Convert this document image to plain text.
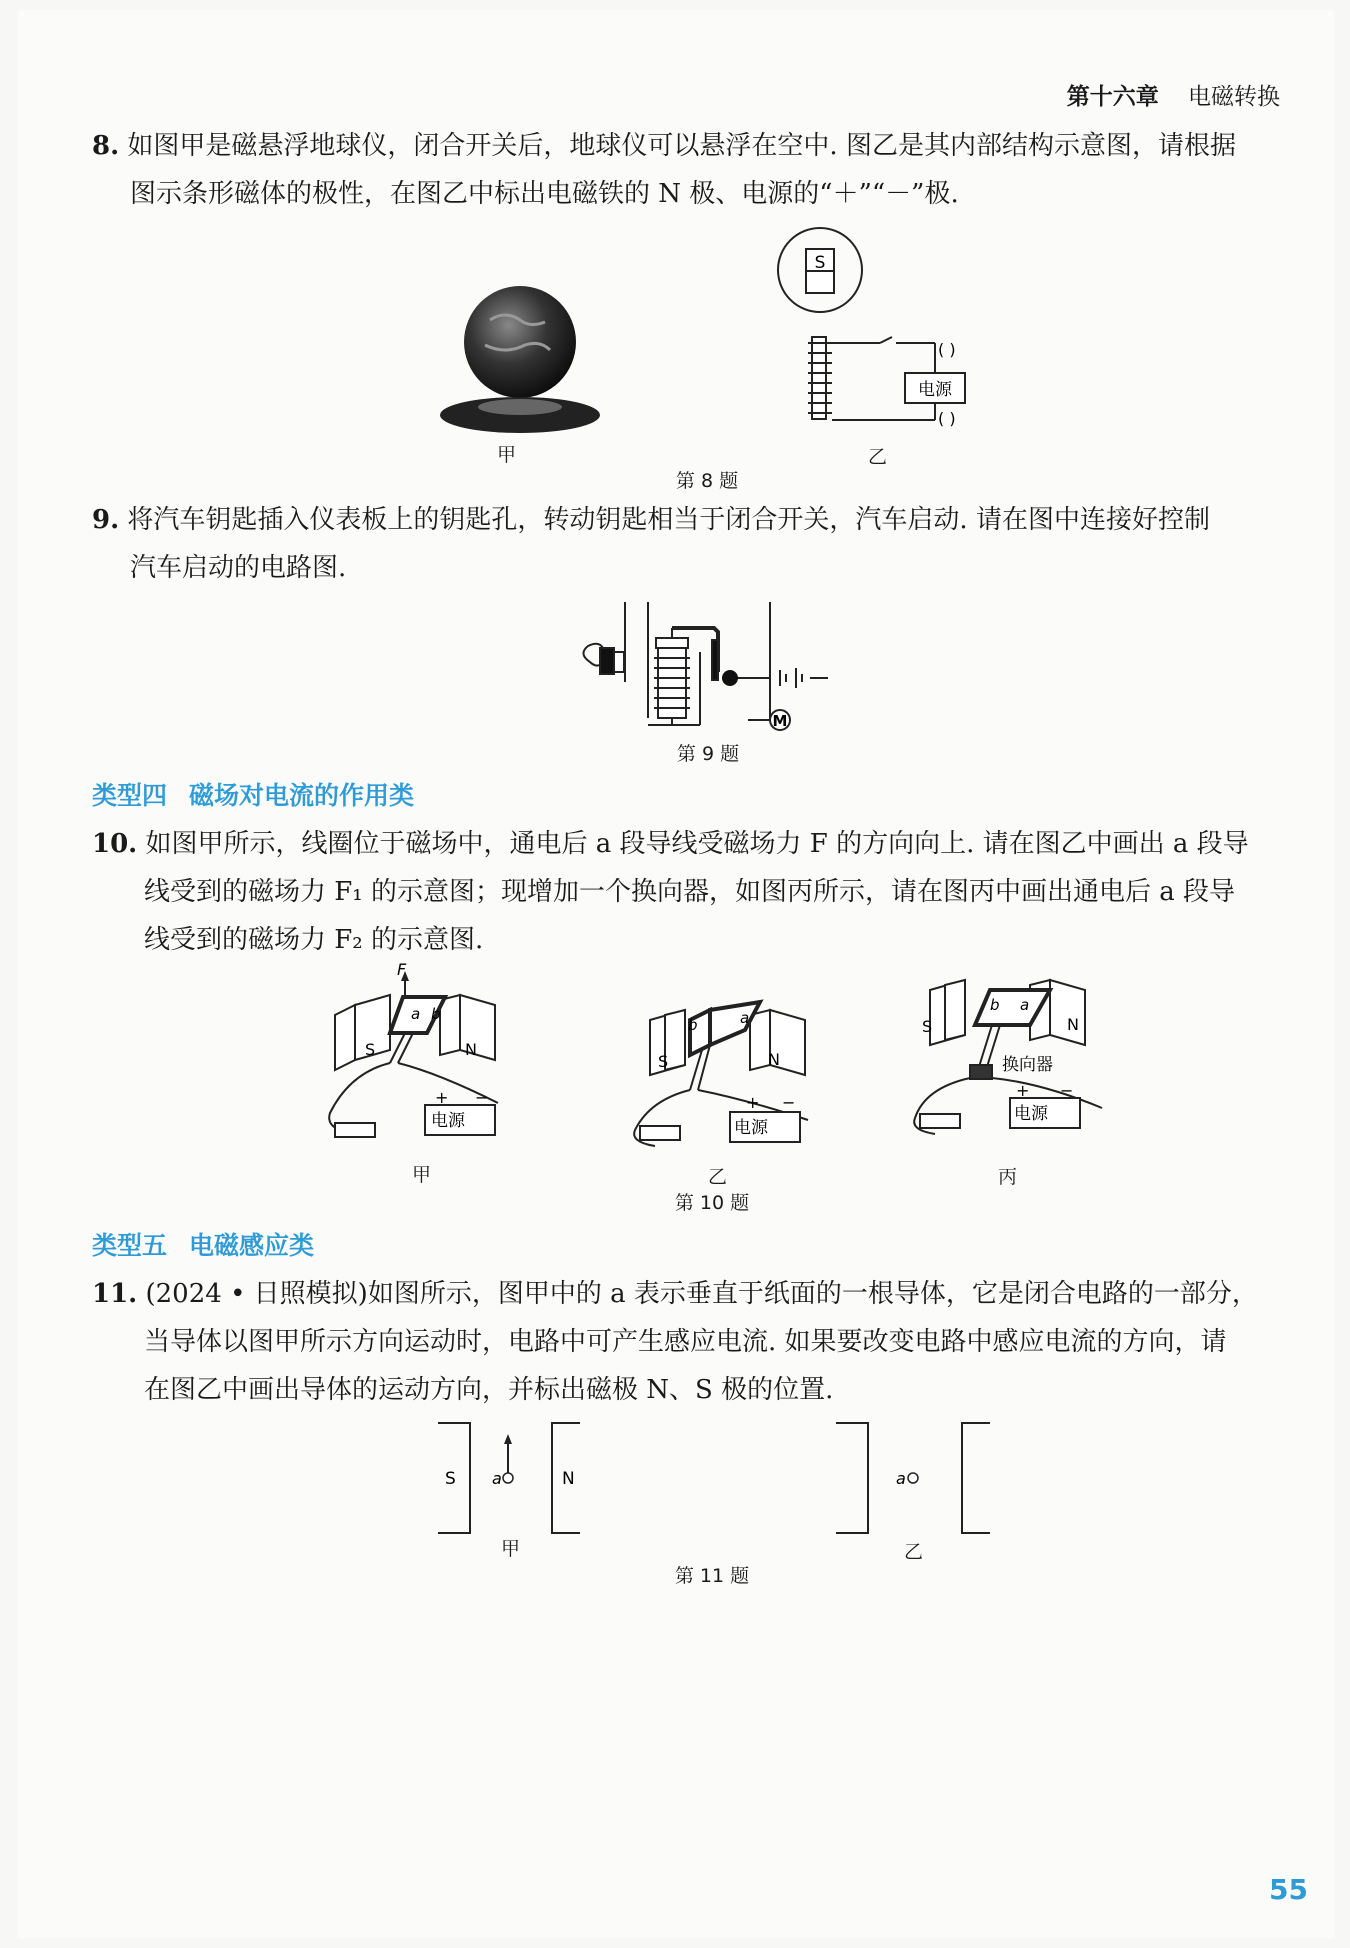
第十六章 电磁转换
8. 如图甲是磁悬浮地球仪，闭合开关后，地球仪可以悬浮在空中. 图乙是其内部结构示意图，请根据
图示条形磁体的极性，在图乙中标出电磁铁的 N 极、电源的“＋”“－”极.
甲
S
电源
( )
( )
乙
第 8 题
9. 将汽车钥匙插入仪表板上的钥匙孔，转动钥匙相当于闭合开关，汽车启动. 请在图中连接好控制
汽车启动的电路图.
M
第 9 题
类型四 磁场对电流的作用类
10. 如图甲所示，线圈位于磁场中，通电后 a 段导线受磁场力 F 的方向向上. 请在图乙中画出 a 段导
线受到的磁场力 F₁ 的示意图；现增加一个换向器，如图丙所示，请在图丙中画出通电后 a 段导
线受到的磁场力 F₂ 的示意图.
F
a b
S	N
电源
+ −
甲
b	a
S	N
电源
+ −
乙
b a
S	N
换向器
电源
+ −
丙
第 10 题
类型五 电磁感应类
11. (2024 • 日照模拟)如图所示，图甲中的 a 表示垂直于纸面的一根导体，它是闭合电路的一部分，
当导体以图甲所示方向运动时，电路中可产生感应电流. 如果要改变电路中感应电流的方向，请
在图乙中画出导体的运动方向，并标出磁极 N、S 极的位置.
S	N
a	a
甲	乙
第 11 题
55
